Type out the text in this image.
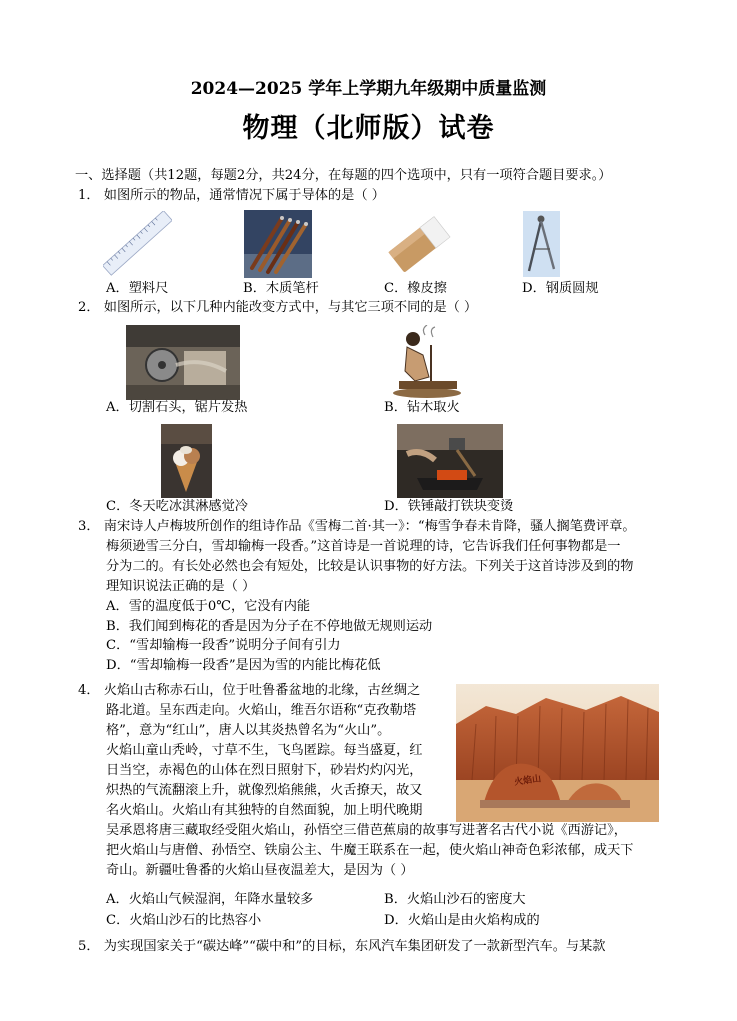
2024—2025 学年上学期九年级期中质量监测
物理（北师版）试卷
一、选择题（共12题，每题2分，共24分，在每题的四个选项中，只有一项符合题目要求。）
1． 如图所示的物品，通常情况下属于导体的是（ ）
A．塑料尺	B．木质笔杆	C．橡皮擦	D．钢质圆规
2． 如图所示，以下几种内能改变方式中，与其它三项不同的是（ ）
A．切割石头，锯片发热	B．钻木取火
C．冬天吃冰淇淋感觉冷	D．铁锤敲打铁块变烫
3． 南宋诗人卢梅坡所创作的组诗作品《雪梅二首·其一》：“梅雪争春未肯降，骚人搁笔费评章。
梅须逊雪三分白，雪却输梅一段香。”这首诗是一首说理的诗，它告诉我们任何事物都是一
分为二的。有长处必然也会有短处，比较是认识事物的好方法。下列关于这首诗涉及到的物
理知识说法正确的是（ ）
A．雪的温度低于0℃，它没有内能
B．我们闻到梅花的香是因为分子在不停地做无规则运动
C．“雪却输梅一段香”说明分子间有引力
D．“雪却输梅一段香”是因为雪的内能比梅花低
4． 火焰山古称赤石山，位于吐鲁番盆地的北缘，古丝绸之
路北道。呈东西走向。火焰山，维吾尔语称“克孜勒塔
格”，意为“红山”，唐人以其炎热曾名为“火山”。
火焰山童山秃岭，寸草不生，飞鸟匿踪。每当盛夏，红
日当空，赤褐色的山体在烈日照射下，砂岩灼灼闪光，
炽热的气流翻滚上升，就像烈焰熊熊，火舌撩天，故又
名火焰山。火焰山有其独特的自然面貌，加上明代晚期
吴承恩将唐三藏取经受阻火焰山，孙悟空三借芭蕉扇的故事写进著名古代小说《西游记》，
把火焰山与唐僧、孙悟空、铁扇公主、牛魔王联系在一起，使火焰山神奇色彩浓郁，成天下
奇山。新疆吐鲁番的火焰山昼夜温差大，是因为（ ）
火焰山
A．火焰山气候湿润，年降水量较多	B．火焰山沙石的密度大
C．火焰山沙石的比热容小	D．火焰山是由火焰构成的
5． 为实现国家关于“碳达峰”“碳中和”的目标，东风汽车集团研发了一款新型汽车。与某款
